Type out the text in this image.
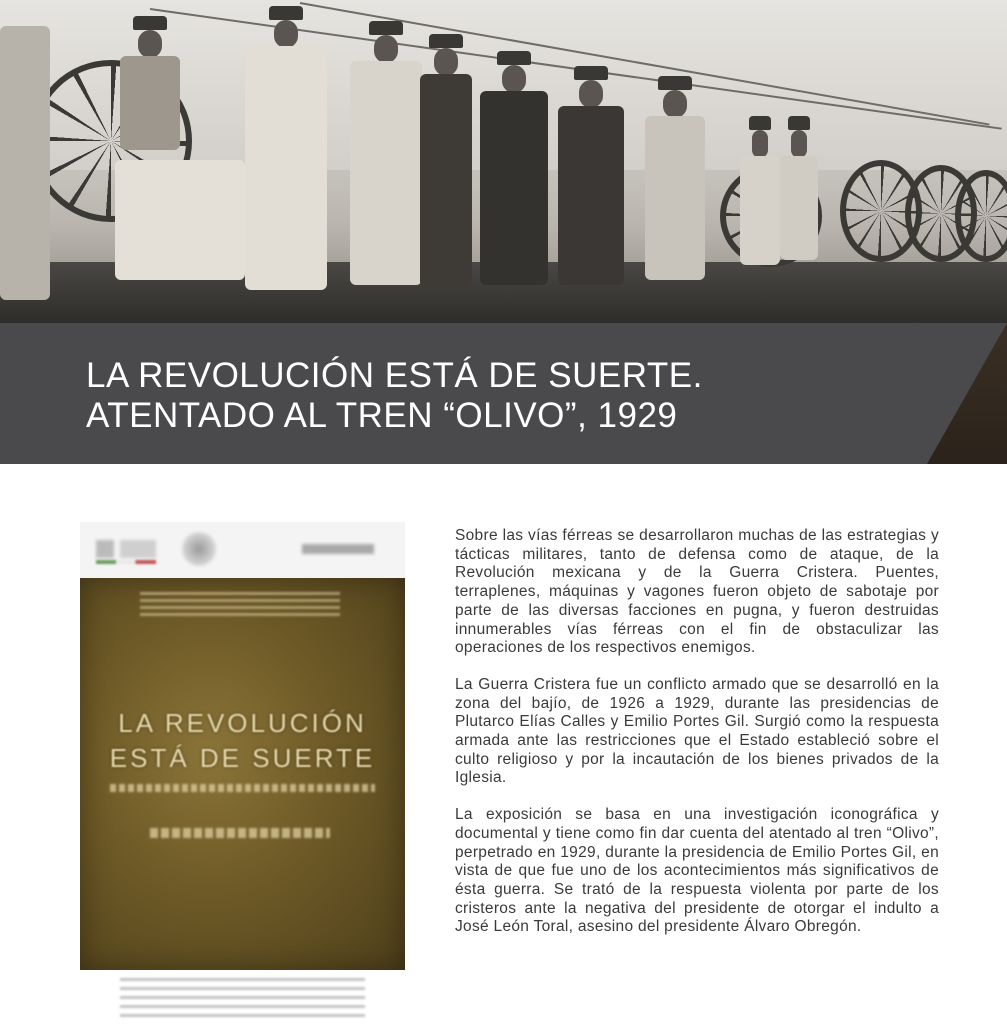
LA REVOLUCIÓN ESTÁ DE SUERTE.
ATENTADO AL TREN “OLIVO”, 1929
LA REVOLUCIÓN
ESTÁ DE SUERTE

Sobre las vías férreas se desarrollaron muchas de las estrategias y tácticas militares, tanto de defensa como de ataque, de la Revolución mexicana y de la Guerra Cristera. Puentes, terraplenes, máquinas y vagones fueron objeto de sabotaje por parte de las diversas facciones en pugna, y fueron destruidas innumerables vías férreas con el fin de obstaculizar las operaciones de los respectivos enemigos.

La Guerra Cristera fue un conflicto armado que se desarrolló en la zona del bajío, de 1926 a 1929, durante las presidencias de Plutarco Elías Calles y Emilio Portes Gil. Surgió como la respuesta armada ante las restricciones que el Estado estableció sobre el culto religioso y por la incautación de los bienes privados de la Iglesia.

La exposición se basa en una investigación iconográfica y documental y tiene como fin dar cuenta del atentado al tren “Olivo”, perpetrado en 1929, durante la presidencia de Emilio Portes Gil, en vista de que fue uno de los acontecimientos más significativos de ésta guerra. Se trató de la respuesta violenta por parte de los cristeros ante la negativa del presidente de otorgar el indulto a José León Toral, asesino del presidente Álvaro Obregón.
